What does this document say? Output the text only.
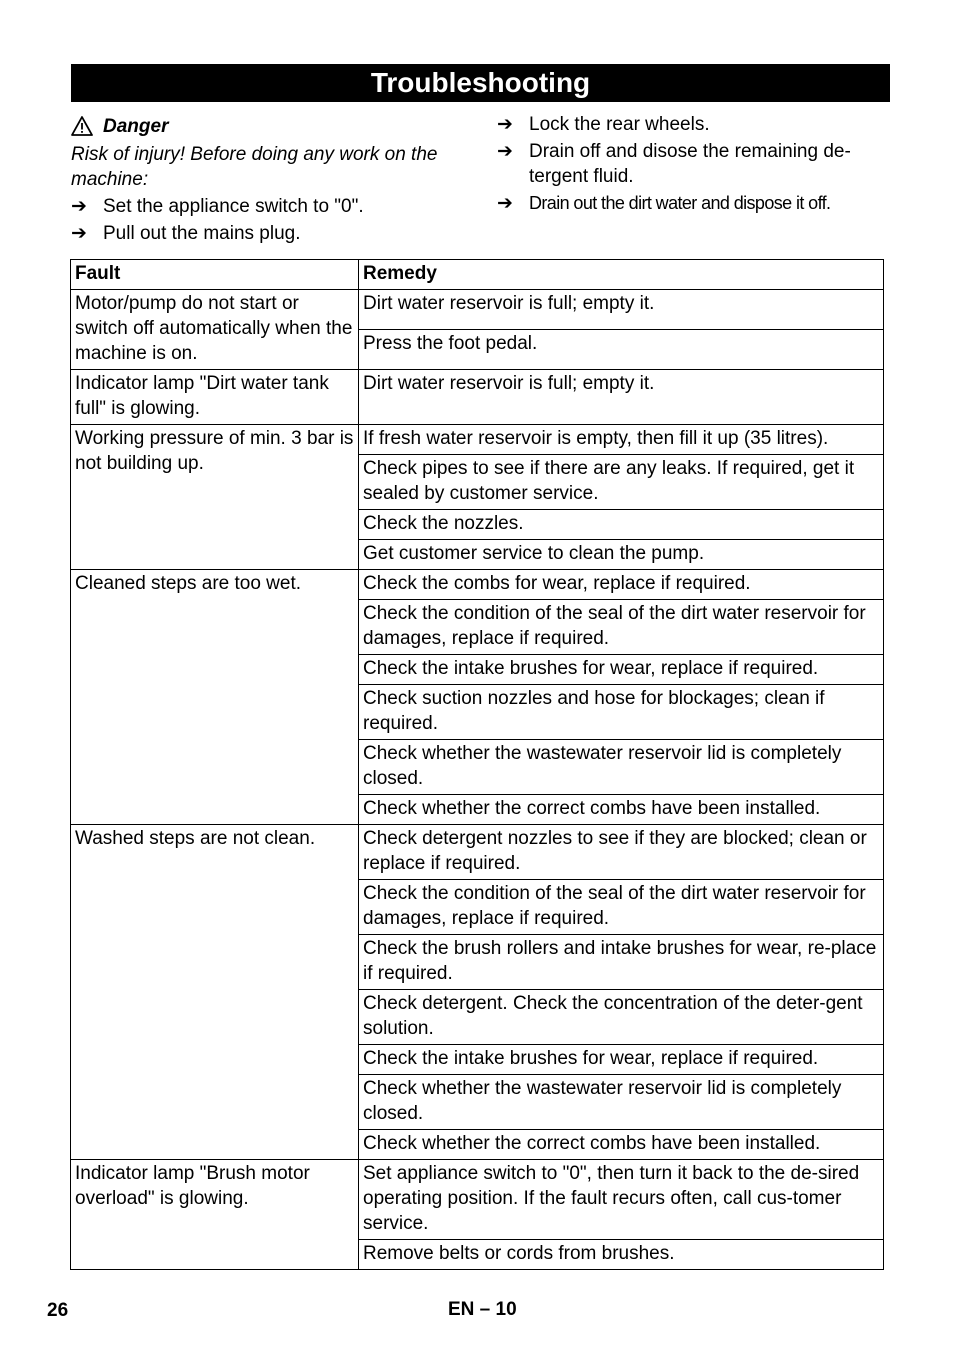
Troubleshooting
Danger
Risk of injury! Before doing any work on the machine:
➔ Set the appliance switch to "0".
➔ Pull out the mains plug.
➔ Lock the rear wheels.
➔ Drain off and disose the remaining de-tergent fluid.
➔ Drain out the dirt water and dispose it off.
Fault	Remedy
Motor/pump do not start or switch off automatically when the machine is on.	Dirt water reservoir is full; empty it.
	Press the foot pedal.
Indicator lamp "Dirt water tank full" is glowing.	Dirt water reservoir is full; empty it.
Working pressure of min. 3 bar is not building up.	If fresh water reservoir is empty, then fill it up (35 litres).
	Check pipes to see if there are any leaks. If required, get it sealed by customer service.
	Check the nozzles.
	Get customer service to clean the pump.
Cleaned steps are too wet.	Check the combs for wear, replace if required.
	Check the condition of the seal of the dirt water reservoir for damages, replace if required.
	Check the intake brushes for wear, replace if required.
	Check suction nozzles and hose for blockages; clean if required.
	Check whether the wastewater reservoir lid is completely closed.
	Check whether the correct combs have been installed.
Washed steps are not clean.	Check detergent nozzles to see if they are blocked; clean or replace if required.
	Check the condition of the seal of the dirt water reservoir for damages, replace if required.
	Check the brush rollers and intake brushes for wear, re-place if required.
	Check detergent. Check the concentration of the deter-gent solution.
	Check the intake brushes for wear, replace if required.
	Check whether the wastewater reservoir lid is completely closed.
	Check whether the correct combs have been installed.
Indicator lamp "Brush motor overload" is glowing.	Set appliance switch to "0", then turn it back to the de-sired operating position. If the fault recurs often, call cus-tomer service.
	Remove belts or cords from brushes.
26	EN – 10
